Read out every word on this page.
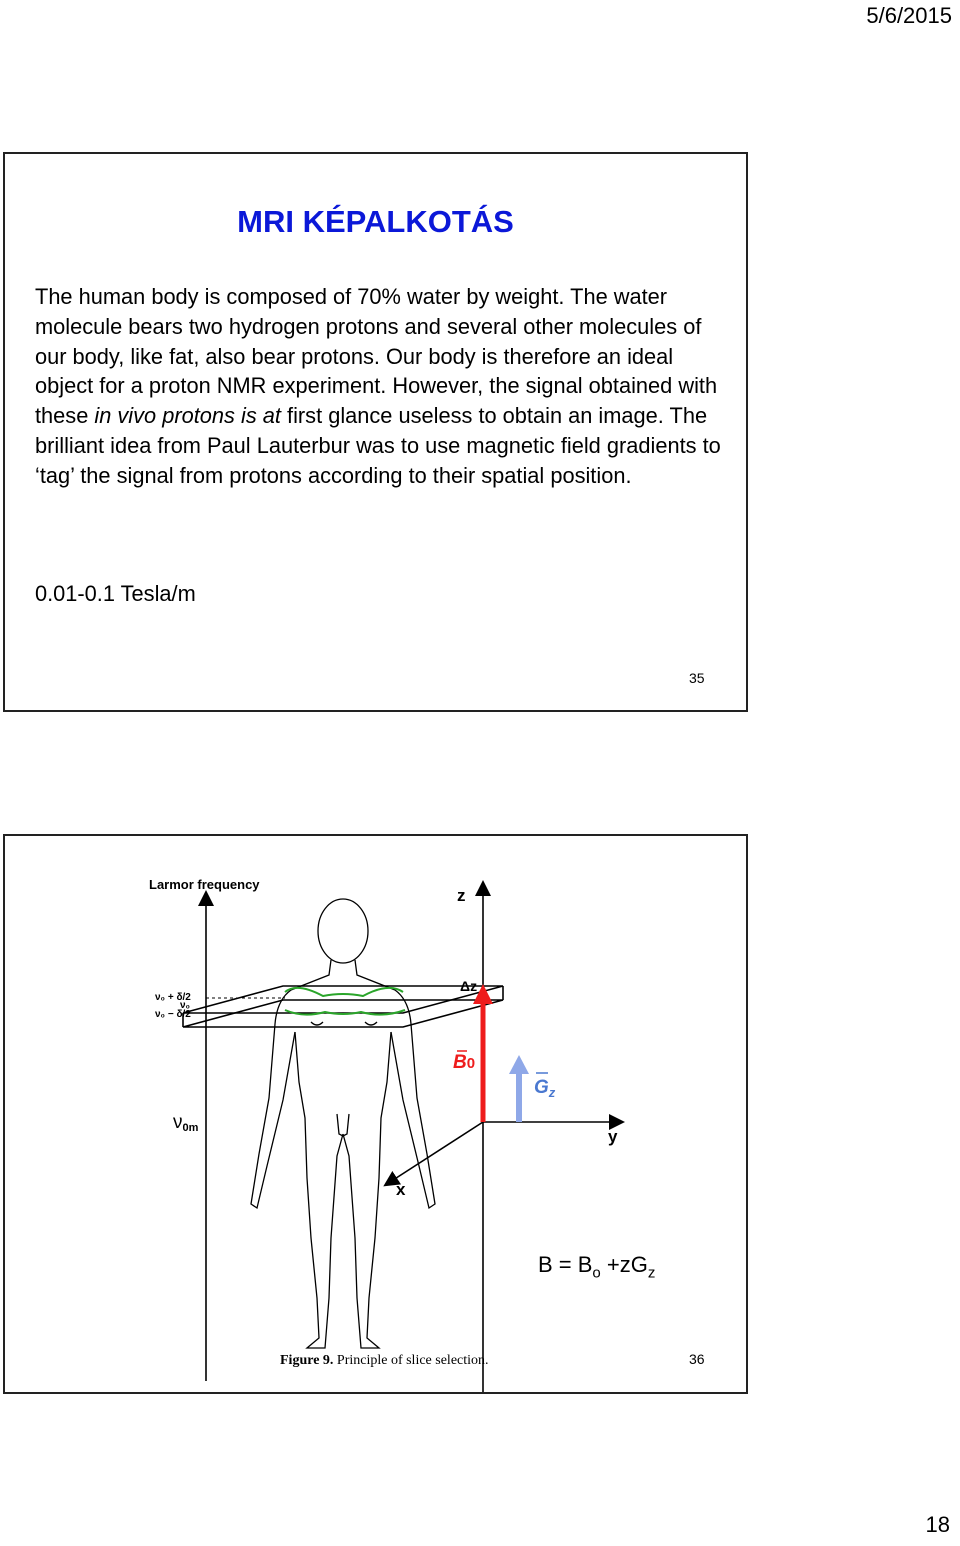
5/6/2015
MRI KÉPALKOTÁS

The human body is composed of 70% water by weight. The water molecule bears two hydrogen protons and several other molecules of our body, like fat, also bear protons. Our body is therefore an ideal object for a proton NMR experiment. However, the signal obtained with these in vivo protons is at first glance useless to obtain an image. The brilliant idea from Paul Lauterbur was to use magnetic field gradients to ‘tag’ the signal from protons according to their spatial position.

0.01-0.1 Tesla/m
35
Larmor frequency
ν₀ + δ/2
ν₀
ν₀ − δ/2
ν0m
z
y
x
Δz
B0
$G_z$
$B = B_o +zG_z$
Figure 9. Principle of slice selection.	36
18
